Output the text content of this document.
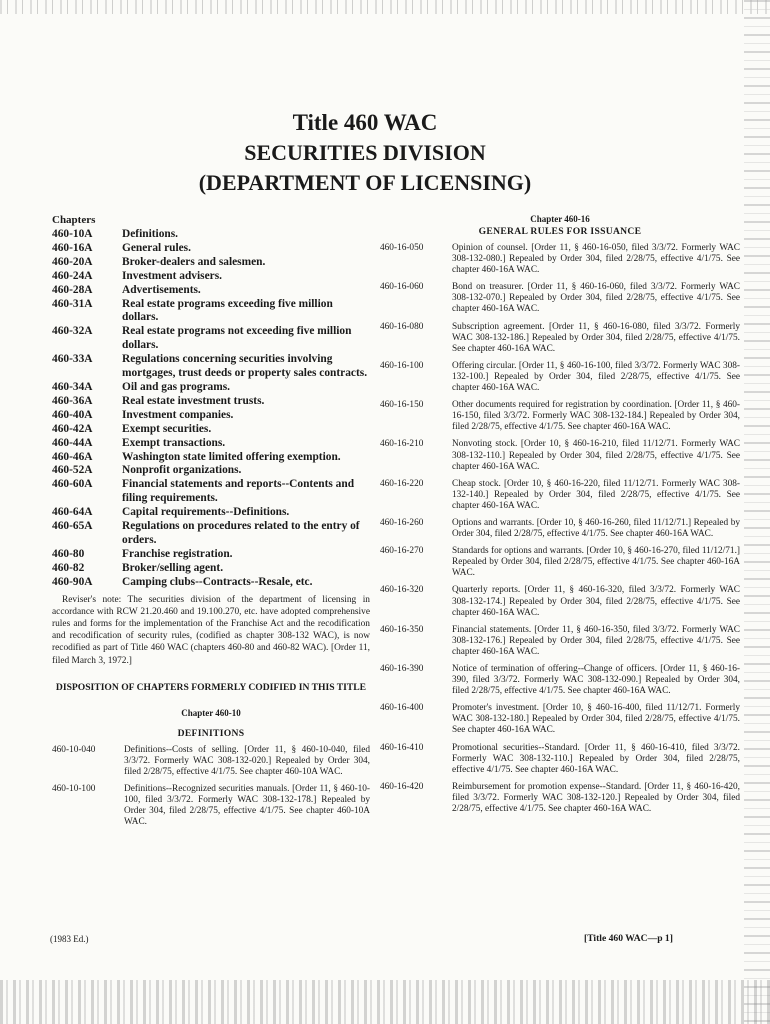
Title 460 WAC
SECURITIES DIVISION
(DEPARTMENT OF LICENSING)
Chapters
460-10A	Definitions.
460-16A	General rules.
460-20A	Broker-dealers and salesmen.
460-24A	Investment advisers.
460-28A	Advertisements.
460-31A	Real estate programs exceeding five million dollars.
460-32A	Real estate programs not exceeding five million dollars.
460-33A	Regulations concerning securities involving mortgages, trust deeds or property sales contracts.
460-34A	Oil and gas programs.
460-36A	Real estate investment trusts.
460-40A	Investment companies.
460-42A	Exempt securities.
460-44A	Exempt transactions.
460-46A	Washington state limited offering exemption.
460-52A	Nonprofit organizations.
460-60A	Financial statements and reports--Contents and filing requirements.
460-64A	Capital requirements--Definitions.
460-65A	Regulations on procedures related to the entry of orders.
460-80	Franchise registration.
460-82	Broker/selling agent.
460-90A	Camping clubs--Contracts--Resale, etc.
Reviser's note: The securities division of the department of licensing in accordance with RCW 21.20.460 and 19.100.270, etc. have adopted comprehensive rules and forms for the implementation of the Franchise Act and the recodification and recodification of security rules, (codified as chapter 308-132 WAC), is now recodified as part of Title 460 WAC (chapters 460-80 and 460-82 WAC). [Order 11, filed March 3, 1972.]
DISPOSITION OF CHAPTERS FORMERLY CODIFIED IN THIS TITLE
Chapter 460-10
DEFINITIONS
460-10-040	Definitions--Costs of selling. [Order 11, § 460-10-040, filed 3/3/72. Formerly WAC 308-132-020.] Repealed by Order 304, filed 2/28/75, effective 4/1/75. See chapter 460-10A WAC.
460-10-100	Definitions--Recognized securities manuals. [Order 11, § 460-10-100, filed 3/3/72. Formerly WAC 308-132-178.] Repealed by Order 304, filed 2/28/75, effective 4/1/75. See chapter 460-10A WAC.
Chapter 460-16
GENERAL RULES FOR ISSUANCE
460-16-050	Opinion of counsel. [Order 11, § 460-16-050, filed 3/3/72. Formerly WAC 308-132-080.] Repealed by Order 304, filed 2/28/75, effective 4/1/75. See chapter 460-16A WAC.
460-16-060	Bond on treasurer. [Order 11, § 460-16-060, filed 3/3/72. Formerly WAC 308-132-070.] Repealed by Order 304, filed 2/28/75, effective 4/1/75. See chapter 460-16A WAC.
460-16-080	Subscription agreement. [Order 11, § 460-16-080, filed 3/3/72. Formerly WAC 308-132-186.] Repealed by Order 304, filed 2/28/75, effective 4/1/75. See chapter 460-16A WAC.
460-16-100	Offering circular. [Order 11, § 460-16-100, filed 3/3/72. Formerly WAC 308-132-100.] Repealed by Order 304, filed 2/28/75, effective 4/1/75. See chapter 460-16A WAC.
460-16-150	Other documents required for registration by coordination. [Order 11, § 460-16-150, filed 3/3/72. Formerly WAC 308-132-184.] Repealed by Order 304, filed 2/28/75, effective 4/1/75. See chapter 460-16A WAC.
460-16-210	Nonvoting stock. [Order 10, § 460-16-210, filed 11/12/71. Formerly WAC 308-132-110.] Repealed by Order 304, filed 2/28/75, effective 4/1/75. See chapter 460-16A WAC.
460-16-220	Cheap stock. [Order 10, § 460-16-220, filed 11/12/71. Formerly WAC 308-132-140.] Repealed by Order 304, filed 2/28/75, effective 4/1/75. See chapter 460-16A WAC.
460-16-260	Options and warrants. [Order 10, § 460-16-260, filed 11/12/71.] Repealed by Order 304, filed 2/28/75, effective 4/1/75. See chapter 460-16A WAC.
460-16-270	Standards for options and warrants. [Order 10, § 460-16-270, filed 11/12/71.] Repealed by Order 304, filed 2/28/75, effective 4/1/75. See chapter 460-16A WAC.
460-16-320	Quarterly reports. [Order 11, § 460-16-320, filed 3/3/72. Formerly WAC 308-132-174.] Repealed by Order 304, filed 2/28/75, effective 4/1/75. See chapter 460-16A WAC.
460-16-350	Financial statements. [Order 11, § 460-16-350, filed 3/3/72. Formerly WAC 308-132-176.] Repealed by Order 304, filed 2/28/75, effective 4/1/75. See chapter 460-16A WAC.
460-16-390	Notice of termination of offering--Change of officers. [Order 11, § 460-16-390, filed 3/3/72. Formerly WAC 308-132-090.] Repealed by Order 304, filed 2/28/75, effective 4/1/75. See chapter 460-16A WAC.
460-16-400	Promoter's investment. [Order 10, § 460-16-400, filed 11/12/71. Formerly WAC 308-132-180.] Repealed by Order 304, filed 2/28/75, effective 4/1/75. See chapter 460-16A WAC.
460-16-410	Promotional securities--Standard. [Order 11, § 460-16-410, filed 3/3/72. Formerly WAC 308-132-110.] Repealed by Order 304, filed 2/28/75, effective 4/1/75. See chapter 460-16A WAC.
460-16-420	Reimbursement for promotion expense--Standard. [Order 11, § 460-16-420, filed 3/3/72. Formerly WAC 308-132-120.] Repealed by Order 304, filed 2/28/75, effective 4/1/75. See chapter 460-16A WAC.
(1983 Ed.)	[Title 460 WAC—p 1]
